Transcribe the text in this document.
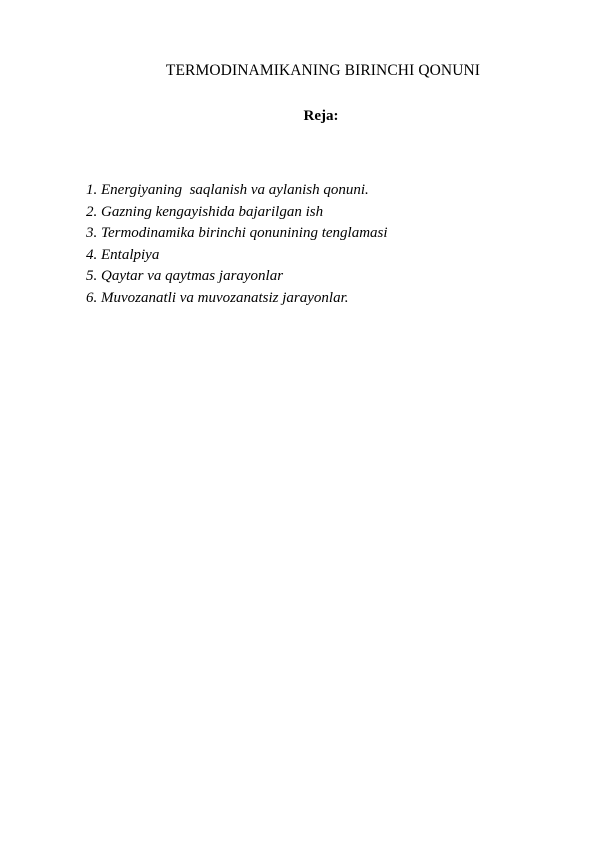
TERMODINAMIKANING BIRINCHI QONUNI
Reja:
1. Energiyaning  saqlanish va aylanish qonuni.
2. Gazning kengayishida bajarilgan ish
3. Termodinamika birinchi qonunining tenglamasi
4. Entalpiya
5. Qaytar va qaytmas jarayonlar
6. Muvozanatli va muvozanatsiz jarayonlar.
